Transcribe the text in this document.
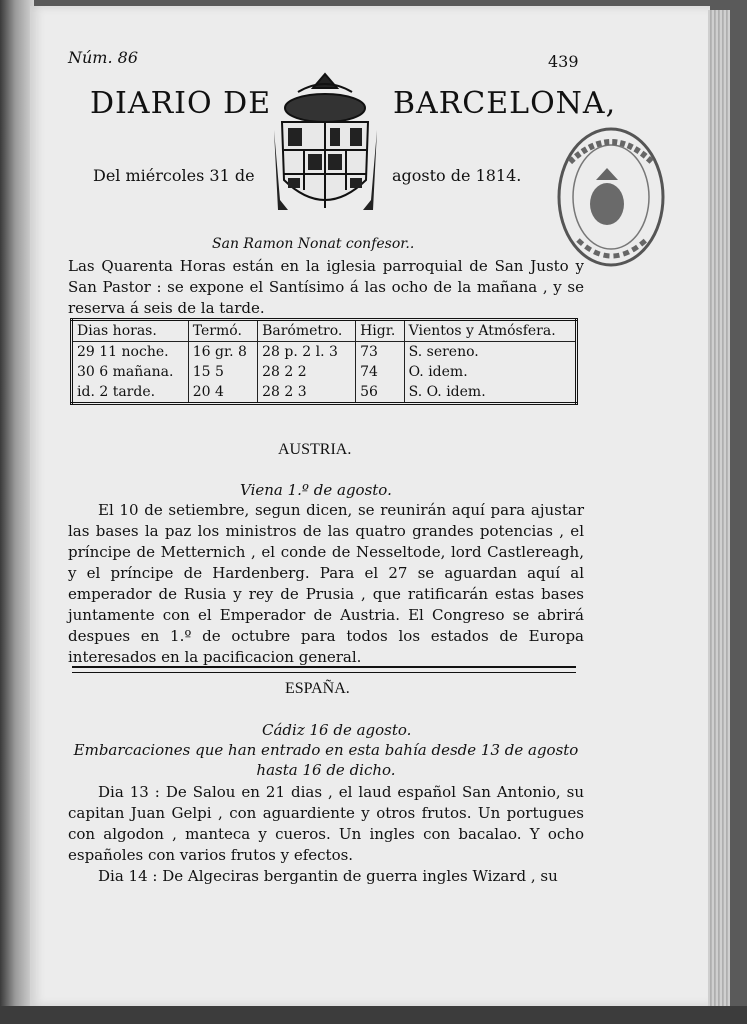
Núm. 86	439
DIARIO DE	BARCELONA,
Del miércoles 31 de	agosto de 1814.
San Ramon Nonat confesor..
Las Quarenta Horas están en la iglesia parroquial de San Justo y San Pastor : se expone el Santísimo á las ocho de la mañana , y se reserva á seis de la tarde.
Dias horas.	Termó.	Barómetro.	Higr.	Vientos y Atmósfera.
29 11 noche.	16 gr. 8	28 p. 2 l. 3	73	S. sereno.
30 6 mañana.	15 5	28 2 2	74	O. idem.
id. 2 tarde.	20 4	28 2 3	56	S. O. idem.
AUSTRIA.
Viena 1.º de agosto.

El 10 de setiembre, segun dicen, se reunirán aquí para ajustar las bases la paz los ministros de las quatro grandes potencias , el príncipe de Metternich , el conde de Nesseltode, lord Castlereagh, y el príncipe de Hardenberg. Para el 27 se aguardan aquí al emperador de Rusia y rey de Prusia , que ratificarán estas bases juntamente con el Emperador de Austria. El Congreso se abrirá despues en 1.º de octubre para todos los estados de Europa interesados en la pacificacion general.

ESPAÑA.
Cádiz 16 de agosto.
Embarcaciones que han entrado en esta bahía desde 13 de agosto hasta 16 de dicho.

Dia 13 : De Salou en 21 dias , el laud español San Antonio, su capitan Juan Gelpi , con aguardiente y otros frutos. Un portugues con algodon , manteca y cueros. Un ingles con bacalao. Y ocho españoles con varios frutos y efectos.

Dia 14 : De Algeciras bergantin de guerra ingles Wizard , su
